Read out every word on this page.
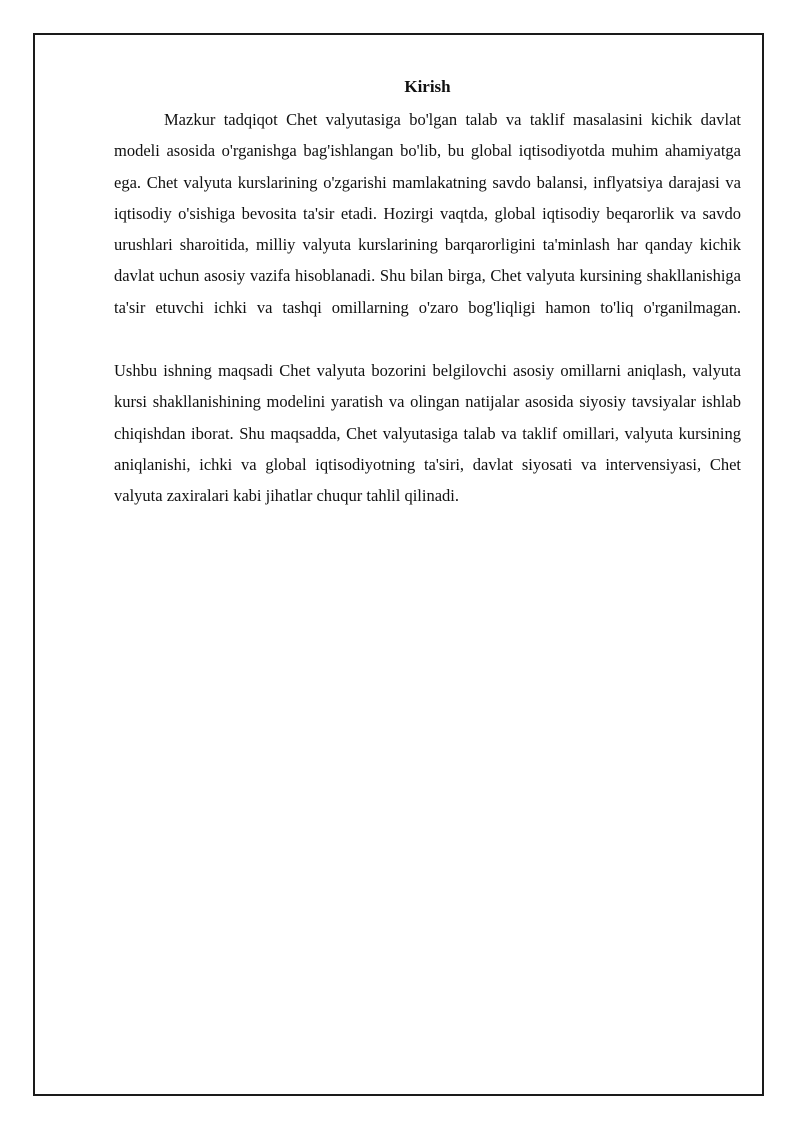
Kirish

Mazkur tadqiqot Chet valyutasiga bo'lgan talab va taklif masalasini kichik davlat modeli asosida o'rganishga bag'ishlangan bo'lib, bu global iqtisodiyotda muhim ahamiyatga ega. Chet valyuta kurslarining o'zgarishi mamlakatning savdo balansi, inflyatsiya darajasi va iqtisodiy o'sishiga bevosita ta'sir etadi. Hozirgi vaqtda, global iqtisodiy beqarorlik va savdo urushlari sharoitida, milliy valyuta kurslarining barqarorligini ta'minlash har qanday kichik davlat uchun asosiy vazifa hisoblanadi. Shu bilan birga, Chet valyuta kursining shakllanishiga ta'sir etuvchi ichki va tashqi omillarning o'zaro bog'liqligi hamon to'liq o'rganilmagan.

Ushbu ishning maqsadi Chet valyuta bozorini belgilovchi asosiy omillarni aniqlash, valyuta kursi shakllanishining modelini yaratish va olingan natijalar asosida siyosiy tavsiyalar ishlab chiqishdan iborat. Shu maqsadda, Chet valyutasiga talab va taklif omillari, valyuta kursining aniqlanishi, ichki va global iqtisodiyotning ta'siri, davlat siyosati va intervensiyasi, Chet valyuta zaxiralari kabi jihatlar chuqur tahlil qilinadi.
